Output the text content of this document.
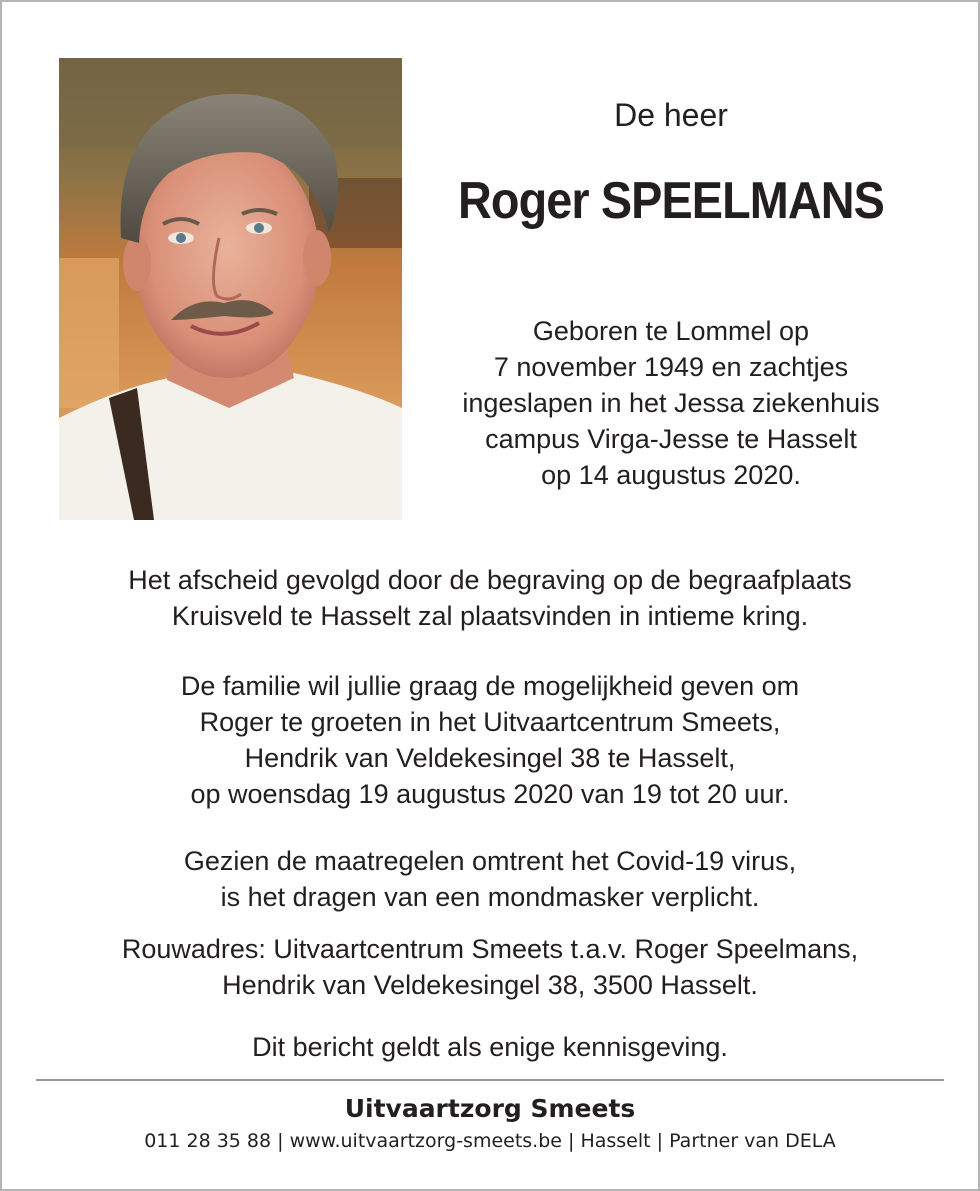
De heer
Roger SPEELMANS
Geboren te Lommel op
7 november 1949 en zachtjes
ingeslapen in het Jessa ziekenhuis
campus Virga-Jesse te Hasselt
op 14 augustus 2020.
Het afscheid gevolgd door de begraving op de begraafplaats
Kruisveld te Hasselt zal plaatsvinden in intieme kring.
De familie wil jullie graag de mogelijkheid geven om
Roger te groeten in het Uitvaartcentrum Smeets,
Hendrik van Veldekesingel 38 te Hasselt,
op woensdag 19 augustus 2020 van 19 tot 20 uur.
Gezien de maatregelen omtrent het Covid-19 virus,
is het dragen van een mondmasker verplicht.
Rouwadres: Uitvaartcentrum Smeets t.a.v. Roger Speelmans,
Hendrik van Veldekesingel 38, 3500 Hasselt.
Dit bericht geldt als enige kennisgeving.
Uitvaartzorg Smeets
011 28 35 88 | www.uitvaartzorg-smeets.be | Hasselt | Partner van DELA
